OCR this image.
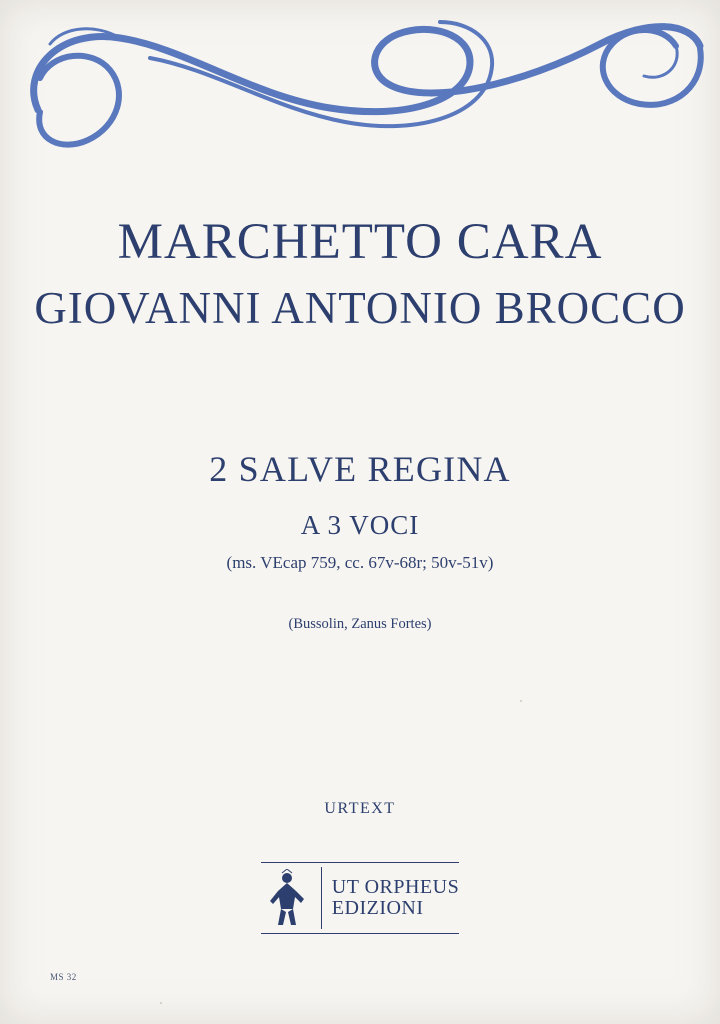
MARCHETTO CARA
GIOVANNI ANTONIO BROCCO
2 SALVE REGINA
A 3 VOCI
(ms. VEcap 759, cc. 67v-68r; 50v-51v)
(Bussolin, Zanus Fortes)
URTEXT
UT ORPHEUS
EDIZIONI
MS 32
